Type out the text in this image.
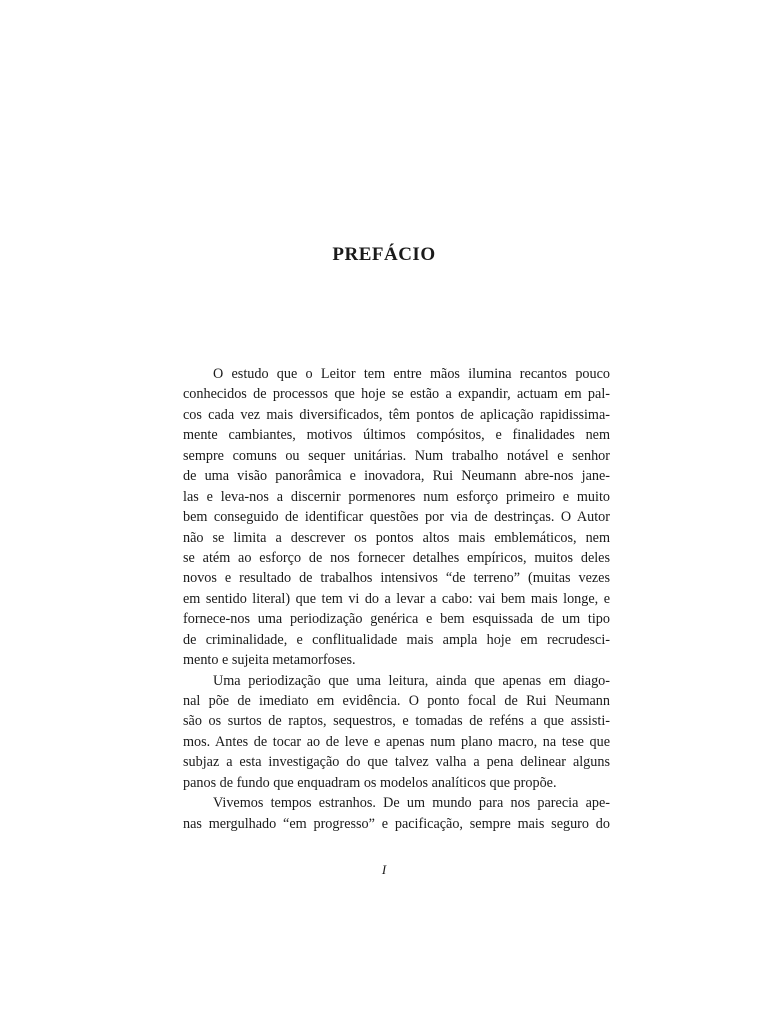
PREFÁCIO

O estudo que o Leitor tem entre mãos ilumina recantos pouco
conhecidos de processos que hoje se estão a expandir, actuam em pal-
cos cada vez mais diversificados, têm pontos de aplicação rapidissima-
mente cambiantes, motivos últimos compósitos, e finalidades nem
sempre comuns ou sequer unitárias. Num trabalho notável e senhor
de uma visão panorâmica e inovadora, Rui Neumann abre-nos jane-
las e leva-nos a discernir pormenores num esforço primeiro e muito
bem conseguido de identificar questões por via de destrinças. O Autor
não se limita a descrever os pontos altos mais emblemáticos, nem
se atém ao esforço de nos fornecer detalhes empíricos, muitos deles
novos e resultado de trabalhos intensivos “de terreno” (muitas vezes
em sentido literal) que tem vi do a levar a cabo: vai bem mais longe, e
fornece-nos uma periodização genérica e bem esquissada de um tipo
de criminalidade, e conflitualidade mais ampla hoje em recrudesci-
mento e sujeita metamorfoses.

Uma periodização que uma leitura, ainda que apenas em diago-
nal põe de imediato em evidência. O ponto focal de Rui Neumann
são os surtos de raptos, sequestros, e tomadas de reféns a que assisti-
mos. Antes de tocar ao de leve e apenas num plano macro, na tese que
subjaz a esta investigação do que talvez valha a pena delinear alguns
panos de fundo que enquadram os modelos analíticos que propõe.

Vivemos tempos estranhos. De um mundo para nos parecia ape-
nas mergulhado “em progresso” e pacificação, sempre mais seguro do

I
